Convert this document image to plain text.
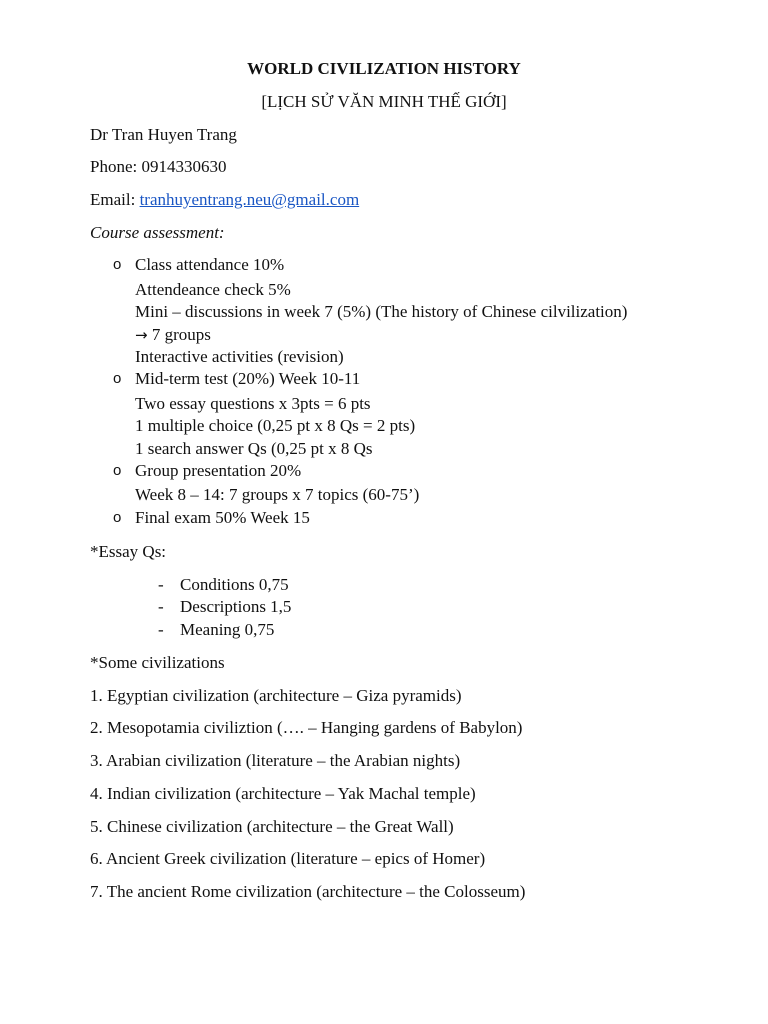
WORLD CIVILIZATION HISTORY
[LỊCH SỬ VĂN MINH THẾ GIỚI]
Dr Tran Huyen Trang
Phone: 0914330630
Email: tranhuyentrang.neu@gmail.com
Course assessment:
o Class attendance 10%
Attendeance check 5%
Mini – discussions in week 7 (5%) (The history of Chinese cilvilization)
→ 7 groups
Interactive activities (revision)
o Mid-term test (20%) Week 10-11
Two essay questions x 3pts = 6 pts
1 multiple choice (0,25 pt x 8 Qs = 2 pts)
1 search answer Qs (0,25 pt x 8 Qs
o Group presentation 20%
Week 8 – 14: 7 groups x 7 topics (60-75’)
o Final exam 50% Week 15
*Essay Qs:
- Conditions 0,75
- Descriptions 1,5
- Meaning 0,75
*Some civilizations
1. Egyptian civilization (architecture – Giza pyramids)
2. Mesopotamia civiliztion (…. – Hanging gardens of Babylon)
3. Arabian civilization (literature – the Arabian nights)
4. Indian civilization (architecture – Yak Machal temple)
5. Chinese civilization (architecture – the Great Wall)
6. Ancient Greek civilization (literature – epics of Homer)
7. The ancient Rome civilization (architecture – the Colosseum)
